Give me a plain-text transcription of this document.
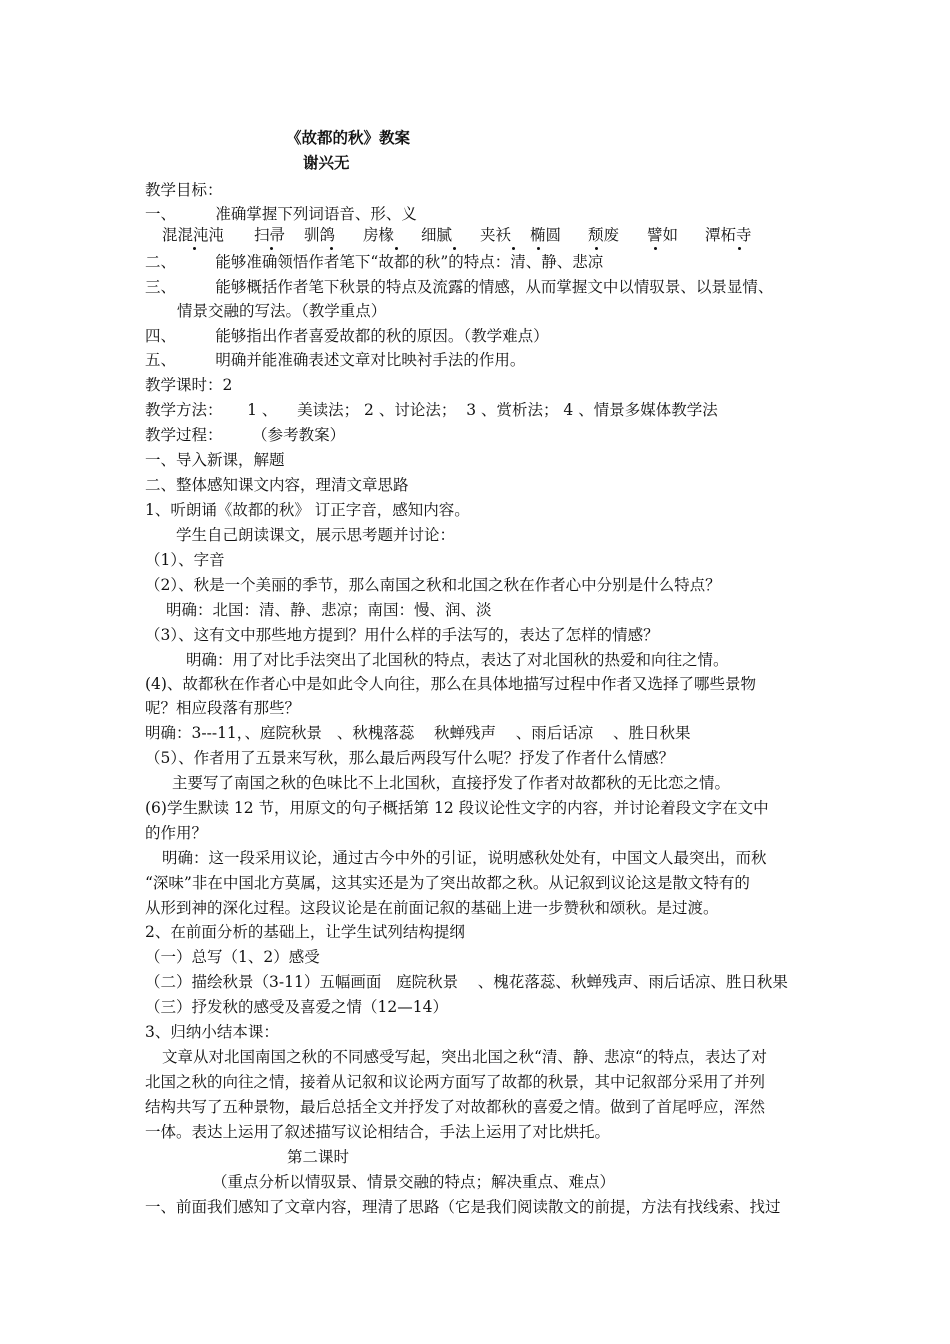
《故都的秋》教案
谢兴无
教学目标：
一、        准确掌握下列词语音、形、义
混混沌沌 扫帚 驯鸽 房椽 细腻 夹袄 椭圆 颓废 譬如 潭柘寺
二、        能够准确领悟作者笔下“故都的秋”的特点：清、静、悲凉
三、        能够概括作者笔下秋景的特点及流露的情感，从而掌握文中以情驭景、以景显情、
情景交融的写法。（教学重点）
四、        能够指出作者喜爱故都的秋的原因。（教学难点）
五、        明确并能准确表述文章对比映衬手法的作用。
教学课时：2
教学方法：     1 、    美读法； 2 、讨论法；  3 、赏析法； 4 、情景多媒体教学法
教学过程：      （参考教案）
一、导入新课，解题
二、整体感知课文内容，理清文章思路
1、听朗诵《故都的秋》 订正字音，感知内容。
学生自己朗读课文，展示思考题并讨论：
（1）、字音
（2）、秋是一个美丽的季节，那么南国之秋和北国之秋在作者心中分别是什么特点？
明确：北国：清、静、悲凉；南国：慢、润、淡
（3）、这有文中那些地方提到？用什么样的手法写的，表达了怎样的情感？
明确：用了对比手法突出了北国秋的特点，表达了对北国秋的热爱和向往之情。
(4)、故都秋在作者心中是如此令人向往，那么在具体地描写过程中作者又选择了哪些景物
呢？相应段落有那些？
明确：3---11，、庭院秋景   、秋槐落蕊    秋蝉残声    、雨后话凉    、胜日秋果
（5）、作者用了五景来写秋，那么最后两段写什么呢？抒发了作者什么情感？
主要写了南国之秋的色味比不上北国秋，直接抒发了作者对故都秋的无比恋之情。
(6)学生默读 12 节，用原文的句子概括第 12 段议论性文字的内容，并讨论着段文字在文中
的作用？
明确：这一段采用议论，通过古今中外的引证，说明感秋处处有，中国文人最突出，而秋
“深味”非在中国北方莫属，这其实还是为了突出故都之秋。从记叙到议论这是散文特有的
从形到神的深化过程。这段议论是在前面记叙的基础上进一步赞秋和颂秋。是过渡。
2、在前面分析的基础上，让学生试列结构提纲
（一）总写（1、2）感受
（二）描绘秋景（3-11）五幅画面   庭院秋景    、槐花落蕊、秋蝉残声、雨后话凉、胜日秋果
（三）抒发秋的感受及喜爱之情（12—14）
3、归纳小结本课：
文章从对北国南国之秋的不同感受写起，突出北国之秋“清、静、悲凉“的特点，表达了对
北国之秋的向往之情，接着从记叙和议论两方面写了故都的秋景，其中记叙部分采用了并列
结构共写了五种景物，最后总括全文并抒发了对故都秋的喜爱之情。做到了首尾呼应，浑然
一体。表达上运用了叙述描写议论相结合，手法上运用了对比烘托。
第二课时
（重点分析以情驭景、情景交融的特点；解决重点、难点）
一、前面我们感知了文章内容，理清了思路（它是我们阅读散文的前提，方法有找线索、找过
